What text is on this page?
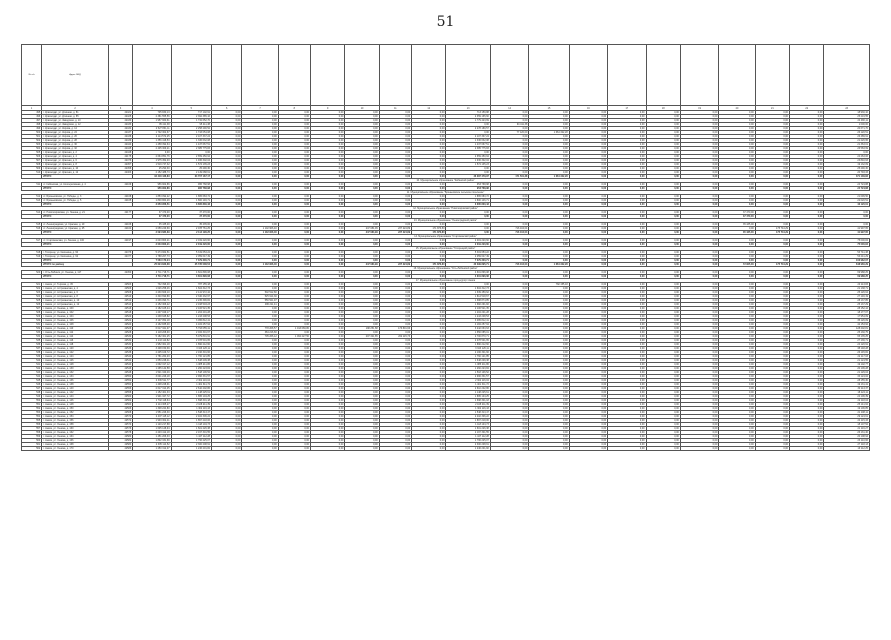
51
№ п/п	Адрес МКД																					
1	2	3	4	5	6	7	8	9	10	11	12	13	14	15	16	17	18	19	20	21	22	23
495	г. Краснодар, ул. Длинная, д. 81	42421	705 830,13	717 102,91	0,00	0,00	0,00	0,00	0,00	0,00	0,00	713 159,88	0,00	0,00	0,00	0,00	0,00	0,00	0,00	0,00	0,00	18 930,10
496	г. Краснодар, ул. Длинная, д. 85	42425	2 381 555,56	2 392 385,16	0,00	0,00	0,00	0,00	0,00	0,00	0,00	2 359 165,60	0,00	0,00	0,00	0,00	0,00	0,00	0,00	0,00	0,00	25 219,55
497	г. Краснодар, ул. Заводская, д. 10	42430	1 957 960,61	1 732 652,70	0,00	0,00	0,00	0,00	0,00	0,00	0,00	1 779 423,69	0,00	0,00	0,00	0,00	0,00	0,00	0,00	0,00	0,00	24 480,11
498	г. Краснодар, ул. Заводская, д. 12	42433	95 411,38	95 411,38	0,00	0,00	0,00	0,00	0,00	0,00	0,00	0,00	94 411,38	0,00	0,00	0,00	0,00	0,00	0,00	0,00	0,00	1 000,00
499	г. Краснодар, ул. Кирова, д. 14	42434	2 527 861,11	2 258 290,52	0,00	0,00	0,00	0,00	0,00	0,00	0,00	2 278 189,57	0,00	0,00	0,00	0,00	0,00	0,00	0,00	0,00	0,00	20 671,70
500	г. Краснодар, ул. Кирова, д. 24	42437	1 702 302,67	1 743 054,08	0,00	0,00	0,00	0,00	0,00	0,00	0,00	0,00	77 120,00	1 664 322,28	0,00	0,00	0,00	0,00	0,00	0,00	0,00	26 120,51
501	г. Краснодар, ул. Кирова, д. 26	42438	2 114 572,25	2 107 337,24	0,00	0,00	0,00	0,00	0,00	0,00	0,00	2 107 337,24	0,00	0,00	0,00	0,00	0,00	0,00	0,00	0,00	0,00	26 489,91
502	г. Краснодар, ул. Кирова, д. 28	42439	1 356 418,53	1 336 632,08	0,00	0,00	0,00	0,00	0,00	0,00	0,00	1 336 632,08	0,00	0,00	0,00	0,00	0,00	0,00	0,00	0,00	0,00	21 226,95
503	г. Краснодар, ул. Кирова, д. 30	42444	1 458 392,64	1 437 667,51	0,00	0,00	0,00	0,00	0,00	0,00	0,00	1 437 667,51	0,00	0,00	0,00	0,00	0,00	0,00	0,00	0,00	0,00	21 363,01
504	г. Краснодар, ул. Кирова, д. 32	42445	2 405 309,21	2 385 775,83	0,00	0,00	0,00	0,00	0,00	0,00	0,00	2 385 775,83	0,00	0,00	0,00	0,00	0,00	0,00	0,00	0,00	0,00	26 583,99
505	г. Краснодар, ул. Красная, д. 2	42448	0,00	0,00	0,00	0,00	0,00	0,00	0,00	0,00	0,00	0,00	0,00	0,00	0,00	0,00	0,00	0,00	0,00	0,00	0,00	0,00
506	г. Краснодар, ул. Красная, д. 4	42175	2 664 851,76	2 659 450,94	0,00	0,00	0,00	0,00	0,00	0,00	0,00	2 659 450,94	0,00	0,00	0,00	0,00	0,00	0,00	0,00	0,00	0,00	24 263,06
507	г. Краснодар, ул. Красная, д. 6	42476	1 975 452,03	1 936 302,04	0,00	0,00	0,00	0,00	0,00	0,00	0,00	1 936 302,04	0,00	0,00	0,00	0,00	0,00	0,00	0,00	0,00	0,00	23 840,63
508	г. Краснодар, ул. Красная, д. 8	42457	1 519 747,32	1 574 135,23	0,00	0,00	0,00	0,00	0,00	0,00	0,00	1 574 135,23	0,00	0,00	0,00	0,00	0,00	0,00	0,00	0,00	0,00	19 132,09
509	г. Краснодар, ул. Красная, д. 10	42458	25 290,30	25 290,30	0,00	0,00	0,00	0,00	0,00	0,00	0,00	0,00	0,00	0,00	0,00	0,00	0,00	0,00	0,00	0,00	0,00	25 290,30
510	г. Краснодар, ул. Красная, д. 12	42463	2 152 488,73	2 149 088,61	0,00	0,00	0,00	0,00	0,00	0,00	0,00	0,00	0,00	0,00	0,00	0,00	0,00	0,00	0,00	0,00	0,00	20 793,33
	ИТОГО		32 418 446,83	34 707 167,17	0,00	0,00	0,00	0,00	0,00	0,00	0,00	26 387 479,97	171 531,38	1 664 322,28	0,00	0,00	0,00	0,00	0,00	0,00	0,00	371 109,82
10. Муниципальное образование "Кабинский район"																						
511	ст. Кабинская, ул. Кооперативная, д. 4	42169	956 902,86	995 768,98	0,00	0,00	0,00	0,00	0,00	0,00	0,00	953 768,98	0,00	0,00	0,00	0,00	0,00	0,00	0,00	0,00	0,00	24 724,88
	ИТОГО		956 902,86	995 768,98	0,00	0,00	0,00	0,00	0,00	0,00	0,00	953 768,98	0,00	0,00	0,00	0,00	0,00	0,00	0,00	0,00	0,00	24 724,88
11. Муниципальное образование "Бриньковское сельское поселение"																						
512	ст. Бриньковская, ул. Победы, д. 3	42168	1 853 092,22	1 865 683,72	0,00	0,00	0,00	0,00	0,00	0,00	0,00	1 865 683,72	0,00	0,00	0,00	0,00	0,00	0,00	0,00	0,00	0,00	21 099,50
513	ст. Бриньковская, ул. Победы, д. 5	42165	1 800 864,29	1 800 146,71	0,00	0,00	0,00	0,00	0,00	0,00	0,00	1 800 146,71	0,00	0,00	0,00	0,00	0,00	0,00	0,00	0,00	0,00	22 020,51
	ИТОГО		3 653 956,51	3 665 830,43	0,00	0,00	0,00	0,00	0,00	0,00	0,00	3 665 830,43	0,00	0,00	0,00	0,00	0,00	0,00	0,00	0,00	0,00	43 120,01
12. Муниципальное образование "Новопокровский район"																						
514	ст. Новопокровская, ул. Ленина, д. 21	42177	37 470,00	37 470,00	0,00	0,00	0,00	0,00	0,00	0,00	0,00	0,00	0,00	0,00	0,00	0,00	0,00	0,00	37 470,00	0,00	0,00	0,00
	ИТОГО		37 470,00	37 470,00	0,00	0,00	0,00	0,00	0,00	0,00	0,00	0,00	0,00	0,00	0,00	0,00	0,00	0,00	37 470,00	0,00	0,00	0,00
13. Муниципальное образование "Ленинградский район"																						
515	ст. Ленинградская, ул. Красная, д. 19	42166	35 435,00	35 435,00	0,00	0,00	0,00	0,00	0,00	0,00	0,00	0,00	0,00	0,00	0,00	0,00	0,00	0,00	35 435,00	0,00	0,00	0,00
516	ст. Ленинградская, ул. Красная, д. 25	42164	2 059 249,69	2 078 761,25	0,00	1 102 906,40	0,00	0,00	247 084,99	237 224,89	171 876,80	0,00	716 104,04	0,00	0,00	0,00	0,00	0,00	0,00	175 744,29	0,00	41 997,65
	ИТОГО		2 094 684,69	2 114 196,25	0,00	1 102 906,40	0,00	0,00	247 084,99	237 224,89	171 876,80	0,00	716 104,04	0,00	0,00	0,00	0,00	0,00	35 435,00	175 744,29	0,00	41 997,65
14. Муниципальное образование "Староминский район"																						
517	ст. Староминская, ул. Ленина, д. 100	42197	2 043 803,21	2 019 220,60	0,00	0,00	0,00	0,00	0,00	0,00	0,00	2 019 220,60	0,00	0,00	0,00	0,00	0,00	0,00	0,00	0,00	0,00	75 000,84
	ИТОГО		2 043 803,21	2 019 220,60	0,00	0,00	0,00	0,00	0,00	0,00	0,00	2 019 220,60	0,00	0,00	0,00	0,00	0,00	0,00	0,00	0,00	0,00	75 000,84
15. Муниципальное образование "Тихорецкий район"																						
518	г. Тихорецк, ул. Калинина, д. 90	42476	5 274 962,51	5 319 653,22	0,00	0,00	0,00	0,00	0,00	0,00	0,00	5 319 653,22	0,00	0,00	0,00	0,00	0,00	0,00	0,00	0,00	0,00	53 741,38
519	г. Тихорецк, ул. Калинина, д. 92	42477	1 788 207,73	2 059 647,49	0,00	0,00	0,00	0,00	0,00	0,00	0,00	2 059 647,49	0,00	0,00	0,00	0,00	0,00	0,00	0,00	0,00	0,00	53 241,29
	ИТОГО		7 063 170,24	7 379 300,71	0,00	0,00	0,00	0,00	0,00	0,00	0,00	7 379 300,71	0,00	0,00	0,00	0,00	0,00	0,00	0,00	0,00	0,00	106 982,67
	ИТОГО по району		25 624 823,68	25 735 008,54	0,00	1 102 906,40	0,00	0,00	247 084,99	237 224,89	171 876,80	20 399 895,71	716 104,04	1 664 322,28	0,00	0,00	0,00	0,00	72 905,00	175 744,29	0,00	648 960,29
16. Муниципальное образование "Усть-Лабинский район"																						
520	г. Усть-Лабинск, ул. Ленина, д. 117	42450	4 711 718,71	4 601 896,08	0,00	0,00	0,00	0,00	0,00	0,00	0,00	4 601 896,08	0,00	0,00	0,00	0,00	0,00	0,00	0,00	0,00	0,00	69 988,25
	ИТОГО		4 711 718,71	4 601 896,08	0,00	0,00	0,00	0,00	0,00	0,00	0,00	4 601 896,08	0,00	0,00	0,00	0,00	0,00	0,00	0,00	0,00	0,00	69 988,25
17. Муниципальное образование город-курорт Анапа																						
521	г. Анапа, ул. Терская, д. 45	42503	732 396,00	787 155,18	0,00	0,00	0,00	0,00	0,00	0,00	0,00	0,00	0,00	782 155,18	0,00	0,00	0,00	0,00	0,00	0,00	0,00	20 113,83
522	г. Анапа, ул. Астраханская, д. 4	42506	1 026 258,46	1 604 312,73	0,00	0,00	0,00	0,00	0,00	0,00	0,00	1 604 312,73	0,00	0,00	0,00	0,00	0,00	0,00	0,00	0,00	0,00	21 138,71
523	г. Анапа, ул. Астраханская, д. 6	42508	2 230 609,10	2 141 972,42	0,00	502 512,80	0,00	0,00	0,00	0,00	0,00	1 639 459,62	0,00	0,00	0,00	0,00	0,00	0,00	0,00	0,00	0,00	25 126,64
524	г. Анапа, ул. Астраханская, д. 8	42510	2 340 690,89	2 340 432,97	0,00	525 914,30	0,00	0,00	0,00	0,00	0,00	1 814 518,67	0,00	0,00	0,00	0,00	0,00	0,00	0,00	0,00	0,00	27 146,19
525	г. Анапа, ул. Астраханская, д. 10	42512	2 236 093,71	2 245 396,82	0,00	556 521,97	0,00	0,00	0,00	0,00	0,00	1 688 874,85	0,00	0,00	0,00	0,00	0,00	0,00	0,00	0,00	0,00	28 137,85
526	г. Анапа, ул. Астраханская, д. 12	42514	2 152 306,22	2 168 503,23	0,00	486 211,41	0,00	0,00	0,00	0,00	0,00	1 682 291,82	0,00	0,00	0,00	0,00	0,00	0,00	0,00	0,00	0,00	25 137,29
527	г. Анапа, ул. Ленина, д. 100	42516	2 182 105,44	2 106 521,35	0,00	0,00	0,00	0,00	0,00	0,00	0,00	2 106 521,35	0,00	0,00	0,00	0,00	0,00	0,00	0,00	0,00	0,00	28 152,44
528	г. Анапа, ул. Ленина, д. 102	42518	1 207 029,17	1 204 201,28	0,00	0,00	0,00	0,00	0,00	0,00	0,00	1 204 201,28	0,00	0,00	0,00	0,00	0,00	0,00	0,00	0,00	0,00	18 177,07
529	г. Анапа, ул. Ленина, д. 104	42520	1 238 945,82	1 243 208,53	0,00	0,00	0,00	0,00	0,00	0,00	0,00	1 243 208,53	0,00	0,00	0,00	0,00	0,00	0,00	0,00	0,00	0,00	17 954,09
530	г. Анапа, ул. Ленина, д. 106	42522	3 107 052,18	3 095 812,41	0,00	0,00	0,00	0,00	0,00	0,00	0,00	3 095 812,41	0,00	0,00	0,00	0,00	0,00	0,00	0,00	0,00	0,00	35 126,09
531	г. Анапа, ул. Ленина, д. 108	42524	4 162 835,00	4 184 257,94	0,00	0,00	0,00	0,00	0,00	0,00	0,00	4 184 257,94	0,00	0,00	0,00	0,00	0,00	0,00	0,00	0,00	0,00	42 153,92
532	г. Анапа, ул. Ленина, д. 110	42526	6 017 321,07	5 793 055,41	0,00	778 208,57	1 013 066,80	0,00	198 251,88	176 801,66	0,00	3 242 063,63	0,00	0,00	0,00	0,00	0,00	0,00	0,00	0,00	0,00	128 202,81
533	г. Анапа, ул. Ленина, д. 112	42528	2 118 208,90	2 034 301,67	0,00	384 216,66	0,00	0,00	0,00	0,00	0,00	1 650 085,01	0,00	0,00	0,00	0,00	0,00	0,00	0,00	0,00	0,00	25 130,75
534	г. Анапа, ул. Ленина, д. 114	42530	5 182 301,25	5 079 801,91	0,00	705 266,12	1 064 227,50	0,00	207 321,85	202 115,73	0,00	2 700 870,71	0,00	0,00	0,00	0,00	0,00	0,00	0,00	0,00	0,00	65 135,25
535	г. Анапа, ул. Ленина, д. 116	42532	2 143 110,82	2 078 501,65	0,00	0,00	0,00	0,00	0,00	0,00	0,00	2 078 501,65	0,00	0,00	0,00	0,00	0,00	0,00	0,00	0,00	0,00	27 136,71
536	г. Анапа, ул. Ленина, д. 118	42534	1 952 301,18	1 890 212,60	0,00	0,00	0,00	0,00	0,00	0,00	0,00	1 890 212,60	0,00	0,00	0,00	0,00	0,00	0,00	0,00	0,00	0,00	24 120,91
537	г. Анапа, ул. Ленина, д. 120	42536	3 408 150,39	3 343 126,11	0,00	0,00	0,00	0,00	0,00	0,00	0,00	3 343 126,11	0,00	0,00	0,00	0,00	0,00	0,00	0,00	0,00	0,00	38 148,28
538	г. Анапа, ул. Ленина, д. 122	42538	2 205 109,72	2 196 301,66	0,00	0,00	0,00	0,00	0,00	0,00	0,00	2 196 301,66	0,00	0,00	0,00	0,00	0,00	0,00	0,00	0,00	0,00	26 145,82
539	г. Анапа, ул. Ленина, д. 124	42540	1 781 264,03	1 760 121,85	0,00	0,00	0,00	0,00	0,00	0,00	0,00	1 760 121,85	0,00	0,00	0,00	0,00	0,00	0,00	0,00	0,00	0,00	22 117,03
540	г. Анапа, ул. Ленина, д. 126	42542	1 650 248,41	1 648 209,38	0,00	0,00	0,00	0,00	0,00	0,00	0,00	1 648 209,38	0,00	0,00	0,00	0,00	0,00	0,00	0,00	0,00	0,00	21 124,55
541	г. Анапа, ул. Ленина, д. 128	42544	1 092 317,12	1 085 211,86	0,00	0,00	0,00	0,00	0,00	0,00	0,00	1 085 211,86	0,00	0,00	0,00	0,00	0,00	0,00	0,00	0,00	0,00	19 102,77
542	г. Анапа, ул. Ленина, д. 130	42546	1 265 142,58	1 260 223,84	0,00	0,00	0,00	0,00	0,00	0,00	0,00	1 260 223,84	0,00	0,00	0,00	0,00	0,00	0,00	0,00	0,00	0,00	20 106,28
543	г. Анапа, ул. Ленина, д. 132	42548	1 521 340,49	1 518 106,52	0,00	0,00	0,00	0,00	0,00	0,00	0,00	1 518 106,52	0,00	0,00	0,00	0,00	0,00	0,00	0,00	0,00	0,00	21 129,04
544	г. Анапа, ул. Ленина, д. 134	42550	3 001 226,18	2 996 331,57	0,00	0,00	0,00	0,00	0,00	0,00	0,00	2 996 331,57	0,00	0,00	0,00	0,00	0,00	0,00	0,00	0,00	0,00	33 124,02
545	г. Анапа, ул. Ленина, д. 136	42552	2 306 511,77	2 302 116,04	0,00	0,00	0,00	0,00	0,00	0,00	0,00	2 302 116,04	0,00	0,00	0,00	0,00	0,00	0,00	0,00	0,00	0,00	28 155,30
546	г. Анапа, ул. Ленина, д. 138	42554	1 408 228,91	1 401 311,72	0,00	0,00	0,00	0,00	0,00	0,00	0,00	1 401 311,72	0,00	0,00	0,00	0,00	0,00	0,00	0,00	0,00	0,00	19 131,41
547	г. Анапа, ул. Ленина, д. 140	42556	2 617 314,05	2 610 202,86	0,00	0,00	0,00	0,00	0,00	0,00	0,00	2 610 202,86	0,00	0,00	0,00	0,00	0,00	0,00	0,00	0,00	0,00	30 113,37
548	г. Анапа, ул. Ленина, д. 142	42558	1 152 401,33	1 148 225,61	0,00	0,00	0,00	0,00	0,00	0,00	0,00	1 148 225,61	0,00	0,00	0,00	0,00	0,00	0,00	0,00	0,00	0,00	18 124,11
549	г. Анапа, ул. Ленина, д. 144	42560	1 901 327,72	1 895 104,25	0,00	0,00	0,00	0,00	0,00	0,00	0,00	1 895 104,25	0,00	0,00	0,00	0,00	0,00	0,00	0,00	0,00	0,00	24 106,39
550	г. Анапа, ул. Ленина, д. 146	42562	1 702 118,64	1 698 301,18	0,00	0,00	0,00	0,00	0,00	0,00	0,00	1 698 301,18	0,00	0,00	0,00	0,00	0,00	0,00	0,00	0,00	0,00	22 118,04
551	г. Анапа, ул. Ленина, д. 148	42564	2 114 305,27	2 108 211,39	0,00	0,00	0,00	0,00	0,00	0,00	0,00	2 108 211,39	0,00	0,00	0,00	0,00	0,00	0,00	0,00	0,00	0,00	25 141,62
552	г. Анапа, ул. Ленина, д. 150	42566	1 308 224,80	1 302 116,43	0,00	0,00	0,00	0,00	0,00	0,00	0,00	1 302 116,43	0,00	0,00	0,00	0,00	0,00	0,00	0,00	0,00	0,00	19 106,85
553	г. Анапа, ул. Ленина, д. 152	42568	1 551 226,30	1 548 313,47	0,00	0,00	0,00	0,00	0,00	0,00	0,00	1 548 313,47	0,00	0,00	0,00	0,00	0,00	0,00	0,00	0,00	0,00	21 108,11
554	г. Анапа, ул. Ленина, д. 154	42570	2 407 115,12	2 402 306,22	0,00	0,00	0,00	0,00	0,00	0,00	0,00	2 402 306,22	0,00	0,00	0,00	0,00	0,00	0,00	0,00	0,00	0,00	29 124,61
555	г. Анапа, ул. Ленина, д. 156	42572	1 903 302,41	1 897 218,06	0,00	0,00	0,00	0,00	0,00	0,00	0,00	1 897 218,06	0,00	0,00	0,00	0,00	0,00	0,00	0,00	0,00	0,00	24 115,33
556	г. Анапа, ул. Ленина, д. 158	42574	1 120 217,88	1 118 104,73	0,00	0,00	0,00	0,00	0,00	0,00	0,00	1 118 104,73	0,00	0,00	0,00	0,00	0,00	0,00	0,00	0,00	0,00	18 107,52
557	г. Анапа, ул. Ленина, д. 160	42576	1 605 128,94	1 601 226,38	0,00	0,00	0,00	0,00	0,00	0,00	0,00	1 601 226,38	0,00	0,00	0,00	0,00	0,00	0,00	0,00	0,00	0,00	21 116,27
558	г. Анапа, ул. Ленина, д. 162	42578	2 203 412,18	2 197 301,55	0,00	0,00	0,00	0,00	0,00	0,00	0,00	2 197 301,55	0,00	0,00	0,00	0,00	0,00	0,00	0,00	0,00	0,00	26 131,40
559	г. Анапа, ул. Ленина, д. 164	42580	1 451 206,33	1 447 112,28	0,00	0,00	0,00	0,00	0,00	0,00	0,00	1 447 112,28	0,00	0,00	0,00	0,00	0,00	0,00	0,00	0,00	0,00	20 108,94
560	г. Анапа, ул. Ленина, д. 166	42582	1 802 331,69	1 796 225,07	0,00	0,00	0,00	0,00	0,00	0,00	0,00	1 796 225,07	0,00	0,00	0,00	0,00	0,00	0,00	0,00	0,00	0,00	23 110,66
561	г. Анапа, ул. Ленина, д. 168	42584	2 305 114,52	2 300 208,91	0,00	0,00	0,00	0,00	0,00	0,00	0,00	2 300 208,91	0,00	0,00	0,00	0,00	0,00	0,00	0,00	0,00	0,00	27 118,13
562	г. Анапа, ул. Ленина, д. 170	42586	1 250 312,07	1 246 201,82	0,00	0,00	0,00	0,00	0,00	0,00	0,00	1 246 201,82	0,00	0,00	0,00	0,00	0,00	0,00	0,00	0,00	0,00	19 112,25
